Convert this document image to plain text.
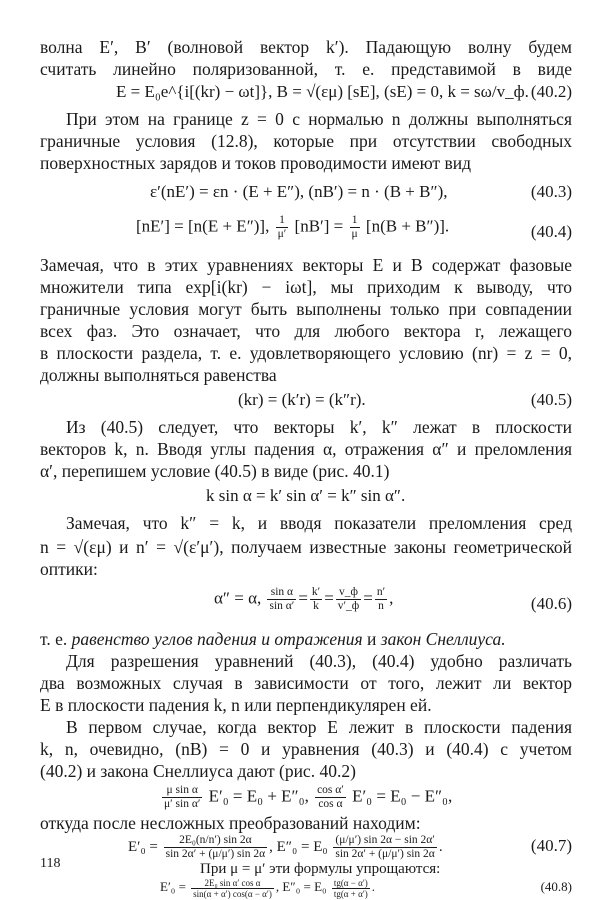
волна E′, B′ (волновой вектор k′). Падающую волну будем
считать линейно поляризованной, т. е. представимой в виде
E = E₀e^{i[(kr) − ωt]}, B = √(εμ) [sE], (sE) = 0, k = sω/v_ф. (40.2)
При этом на границе z = 0 с нормалью n должны выполняться
граничные условия (12.8), которые при отсутствии свободных
поверхностных зарядов и токов проводимости имеют вид
ε′(nE′) = εn · (E + E″), (nB′) = n · (B + B″),	(40.3)
[nE′] = [n(E + E″)], $\frac{1}{\mu'} [nB'] = \frac{1}{\mu} [n(B + B'')]$.	(40.4)
Замечая, что в этих уравнениях векторы E и B содержат фазовые
множители типа exp[i(kr) − iωt], мы приходим к выводу, что
граничные условия могут быть выполнены только при совпадении
всех фаз. Это означает, что для любого вектора r, лежащего
в плоскости раздела, т. е. удовлетворяющего условию (nr) = z = 0,
должны выполняться равенства
(kr) = (k′r) = (k″r).	(40.5)
Из (40.5) следует, что векторы k′, k″ лежат в плоскости
векторов k, n. Вводя углы падения α, отражения α″ и преломления
α′, перепишем условие (40.5) в виде (рис. 40.1)
k sin α = k′ sin α′ = k″ sin α″.
Замечая, что k″ = k, и вводя показатели преломления сред
n = √(εμ) и n′ = √(ε′μ′), получаем известные законы геометрической
оптики:
α″ = α, $\frac{\text{sin α}}{\text{sin α′}} = \frac{k'}{k} = \frac{v\_ф}{v'\_ф} = \frac{n'}{n}$ ,	(40.6)
т. е. равенство углов падения и отражения и закон Снеллиуса.
Для разрешения уравнений (40.3), (40.4) удобно различать
два возможных случая в зависимости от того, лежит ли вектор
E в плоскости падения k, n или перпендикулярен ей.
В первом случае, когда вектор E лежит в плоскости падения
k, n, очевидно, (nB) = 0 и уравнения (40.3) и (40.4) с учетом
(40.2) и закона Снеллиуса дают (рис. 40.2)
$\frac{\text{μ sin α}}{\text{μ′ sin α′}} E'_0 = E_0 + E''_0$, $\frac{\text{cos α′}}{\text{cos α}} E'_0 = E_0 - E''_0$,
откуда после несложных преобразований находим:
$E'_0 = \frac{\text{2E₀(n/n′) sin 2α}}{\sin 2\alpha' + (\mu/\mu') \sin 2\alpha}$ , $E''_0 = E_0 \frac{(\mu/\mu') \sin 2\alpha - \sin 2\alpha'}{\sin 2\alpha' + (\mu/\mu') \sin 2\alpha}$ .	(40.7)
При μ = μ′ эти формулы упрощаются:
$E'_0 = \frac{\text{2E₀ sin α′ cos α}}{\sin(\alpha + \alpha') \cos(\alpha - \alpha')}$ , $E''_0 = E_0 \frac{tg(\alpha - \alpha')}{tg(\alpha + \alpha')}$ .	(40.8)
118
